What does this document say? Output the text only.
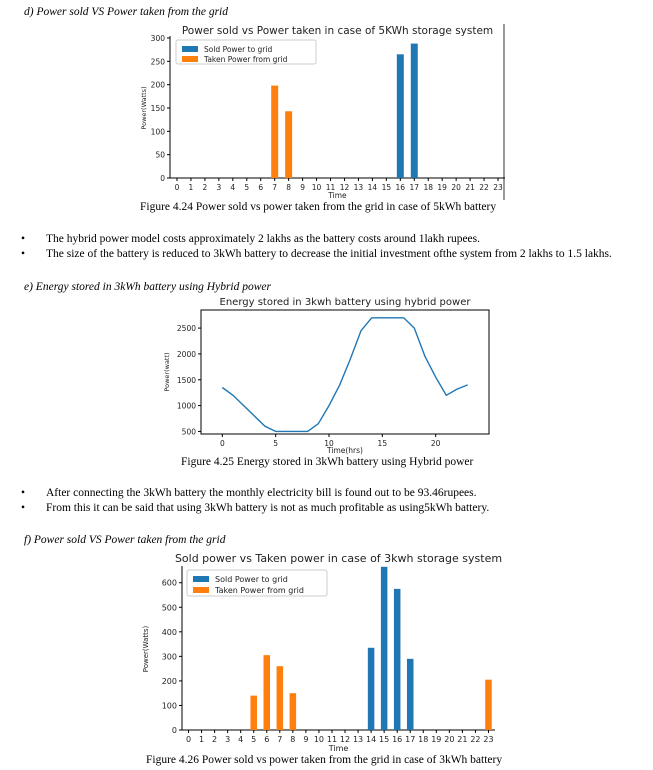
d) Power sold VS Power taken from the grid
Power sold vs Power taken in case of 5KWh storage system
0
50
100
150
200
250
300
0 1 2 3 4 5 6 7 8 9 10 11 12 13 14 15 16 17 18 19 20 21 22 23
Time
Power(Watts)
Sold Power to grid
Taken Power from grid
Figure 4.24 Power sold vs power taken from the grid in case of 5kWh battery
• The hybrid power model costs approximately 2 lakhs as the battery costs around 1lakh rupees.
• The size of the battery is reduced to 3kWh battery to decrease the initial investment ofthe system from 2 lakhs to 1.5 lakhs.
e) Energy stored in 3kWh battery using Hybrid power
Energy stored in 3kwh battery using hybrid power
500
1000
1500
2000
2500
0	5	10	15	20
Time(hrs)
Power(watt)
Figure 4.25 Energy stored in 3kWh battery using Hybrid power
• After connecting the 3kWh battery the monthly electricity bill is found out to be 93.46rupees.
• From this it can be said that using 3kWh battery is not as much profitable as using5kWh battery.
f) Power sold VS Power taken from the grid
Sold power vs Taken power in case of 3kwh storage system
0
100
200
300
400
500
600
0 1 2 3 4 5 6 7 8 9 10 11 12 13 14 15 16 17 18 19 20 21 22 23
Time
Power(Watts)
Sold Power to grid
Taken Power from grid
Figure 4.26 Power sold vs power taken from the grid in case of 3kWh battery
